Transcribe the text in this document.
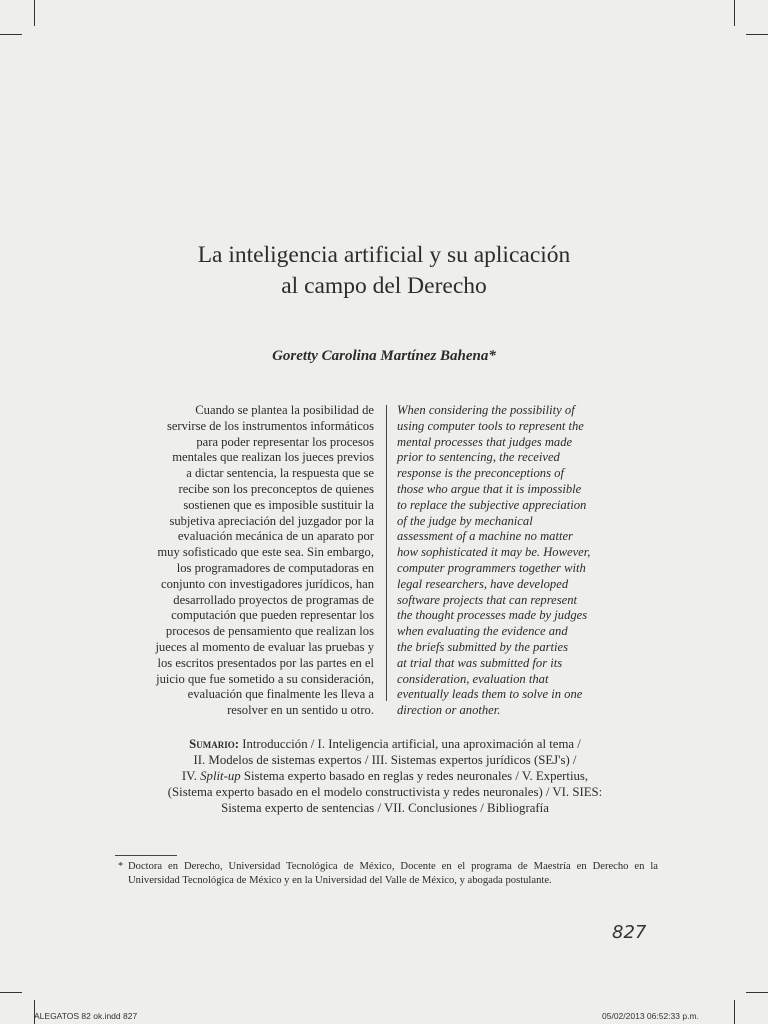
La inteligencia artificial y su aplicación
al campo del Derecho
Goretty Carolina Martínez Bahena*
Cuando se plantea la posibilidad de
servirse de los instrumentos informáticos
para poder representar los procesos
mentales que realizan los jueces previos
a dictar sentencia, la respuesta que se
recibe son los preconceptos de quienes
sostienen que es imposible sustituir la
subjetiva apreciación del juzgador por la
evaluación mecánica de un aparato por
muy sofisticado que este sea. Sin embargo,
los programadores de computadoras en
conjunto con investigadores jurídicos, han
desarrollado proyectos de programas de
computación que pueden representar los
procesos de pensamiento que realizan los
jueces al momento de evaluar las pruebas y
los escritos presentados por las partes en el
juicio que fue sometido a su consideración,
evaluación que finalmente les lleva a
resolver en un sentido u otro.
When considering the possibility of
using computer tools to represent the
mental processes that judges made
prior to sentencing, the received
response is the preconceptions of
those who argue that it is impossible
to replace the subjective appreciation
of the judge by mechanical
assessment of a machine no matter
how sophisticated it may be. However,
computer programmers together with
legal researchers, have developed
software projects that can represent
the thought processes made by judges
when evaluating the evidence and
the briefs submitted by the parties
at trial that was submitted for its
consideration, evaluation that
eventually leads them to solve in one
direction or another.
Sumario: Introducción / I. Inteligencia artificial, una aproximación al tema /
II. Modelos de sistemas expertos / III. Sistemas expertos jurídicos (SEJ's) /
IV. Split-up Sistema experto basado en reglas y redes neuronales / V. Expertius,
(Sistema experto basado en el modelo constructivista y redes neuronales) / VI. SIES:
Sistema experto de sentencias / VII. Conclusiones / Bibliografía
* Doctora en Derecho, Universidad Tecnológica de México, Docente en el programa de Maestría en Derecho en la Universidad Tecnológica de México y en la Universidad del Valle de México, y abogada postulante.
827
ALEGATOS 82 ok.indd 827	05/02/2013 06:52:33 p.m.
